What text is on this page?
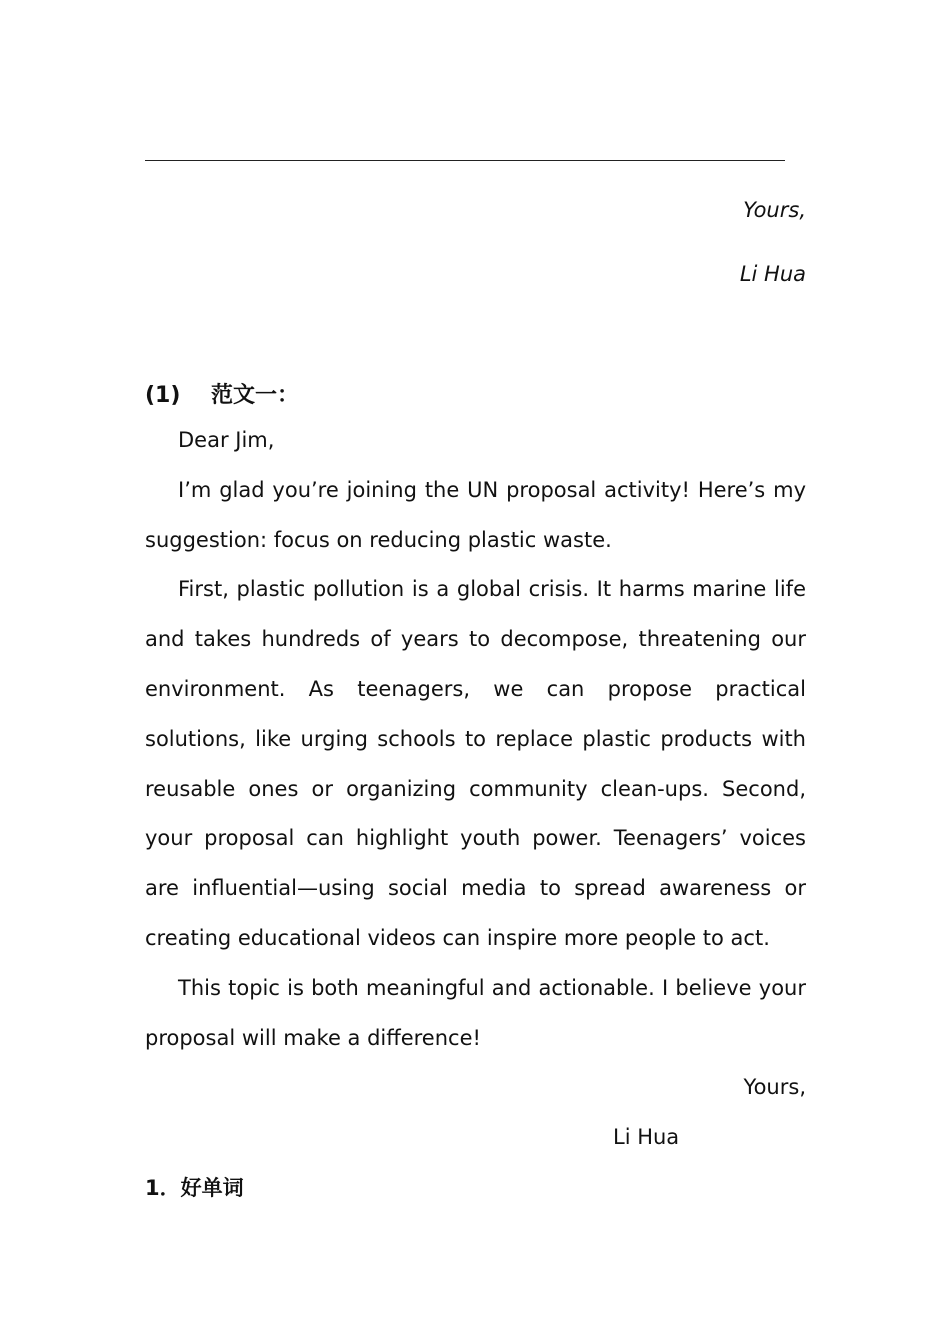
Yours,
Li Hua
(1) 范文一：

Dear Jim,

I’m glad you’re joining the UN proposal activity! Here’s my suggestion: focus on reducing plastic waste.

First, plastic pollution is a global crisis. It harms marine life and takes hundreds of years to decompose, threatening our environment. As teenagers, we can propose practical solutions, like urging schools to replace plastic products with reusable ones or organizing community clean-ups. Second, your proposal can highlight youth power. Teenagers’ voices are influential—using social media to spread awareness or creating educational videos can inspire more people to act.

This topic is both meaningful and actionable. I believe your proposal will make a difference!

Yours,
Li Hua
1．好单词
